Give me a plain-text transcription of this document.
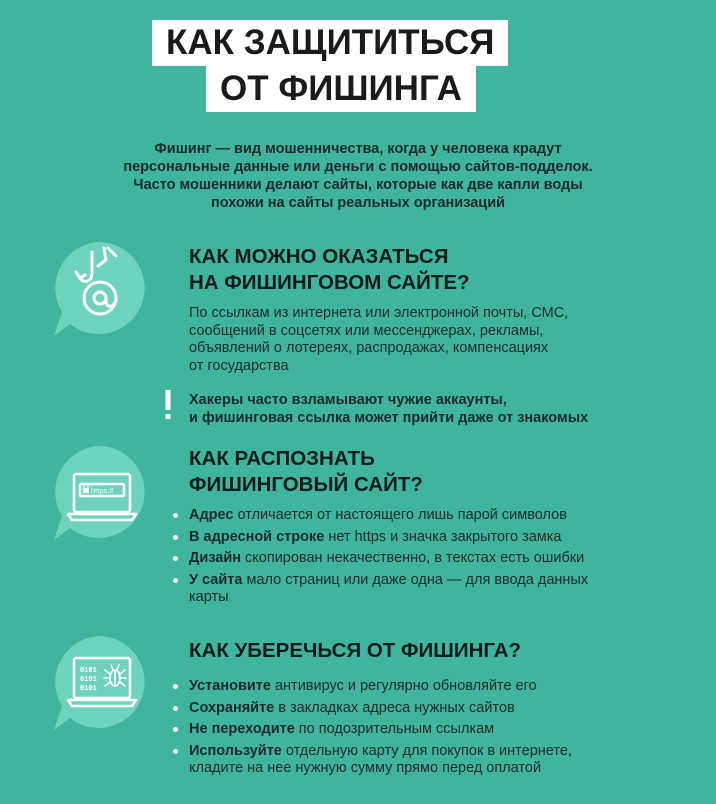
КАК ЗАЩИТИТЬСЯ
ОТ ФИШИНГА
Фишинг — вид мошенничества, когда у человека крадут
персональные данные или деньги с помощью сайтов-подделок.
Часто мошенники делают сайты, которые как две капли воды
похожи на сайты реальных организаций
КАК МОЖНО ОКАЗАТЬСЯ
НА ФИШИНГОВОМ САЙТЕ?
По ссылкам из интернета или электронной почты, СМС,
сообщений в соцсетях или мессенджерах, рекламы,
объявлений о лотереях, распродажах, компенсациях
от государства
Хакеры часто взламывают чужие аккаунты,
и фишинговая ссылка может прийти даже от знакомых
https://
КАК РАСПОЗНАТЬ
ФИШИНГОВЫЙ САЙТ?
Адрес отличается от настоящего лишь парой символов
В адресной строке нет https и значка закрытого замка
Дизайн скопирован некачественно, в текстах есть ошибки
У сайта мало страниц или даже одна — для ввода данных
карты
0101
0101
0101
КАК УБЕРЕЧЬСЯ ОТ ФИШИНГА?
Установите антивирус и регулярно обновляйте его
Сохраняйте в закладках адреса нужных сайтов
Не переходите по подозрительным ссылкам
Используйте отдельную карту для покупок в интернете,
кладите на нее нужную сумму прямо перед оплатой
